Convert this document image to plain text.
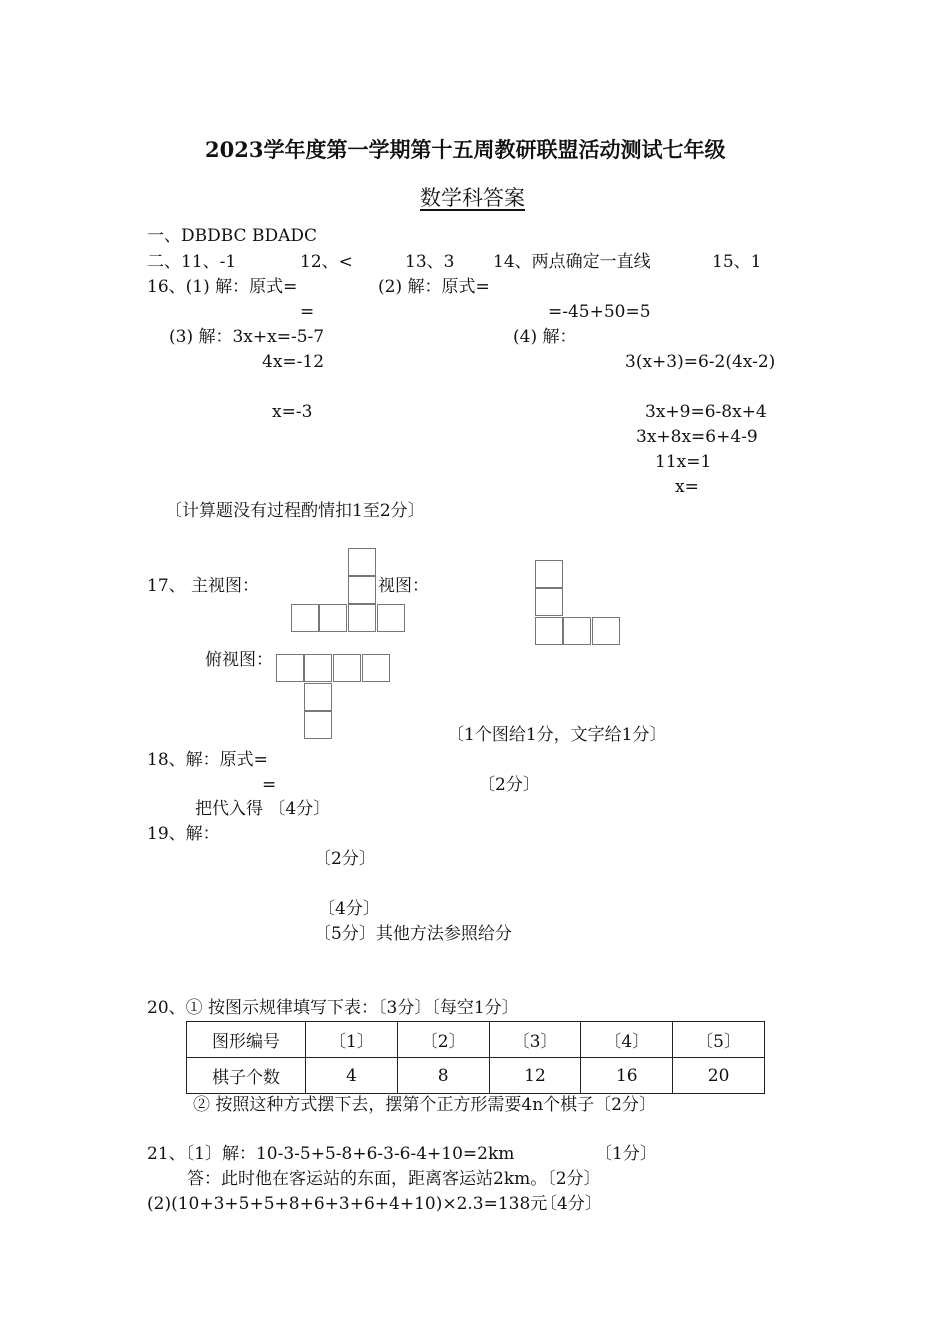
2023学年度第一学期第十五周教研联盟活动测试七年级
数学科答案
一、DBDBC BDADC
二、11、-1	12、<	13、3 14、两点确定一直线	15、1
16、(1) 解：原式=
=
(2) 解：原式=
=-45+50=5
(3) 解：3x+x=-5-7
4x=-12
x=-3
(4) 解：
3(x+3)=6-2(4x-2)
3x+9=6-8x+4
3x+8x=6+4-9
11x=1
x=
〔计算题没有过程酌情扣1至2分〕
17、 主视图：	视图：
俯视图：
〔1个图给1分，文字给1分〕
18、解：原式=
=	〔2分〕
把代入得 〔4分〕
19、解：
〔2分〕
〔4分〕
〔5分〕其他方法参照给分
20、① 按图示规律填写下表：〔3分〕〔每空1分〕
图形编号	〔1〕	〔2〕	〔3〕	〔4〕	〔5〕
棋子个数	4	8	12	16	20
② 按照这种方式摆下去，摆第个正方形需要4n个棋子〔2分〕
21、〔1〕解：10-3-5+5-8+6-3-6-4+10=2km	〔1分〕
答：此时他在客运站的东面，距离客运站2km。〔2分〕
(2)(10+3+5+5+8+6+3+6+4+10)×2.3=138元
〔4分〕
